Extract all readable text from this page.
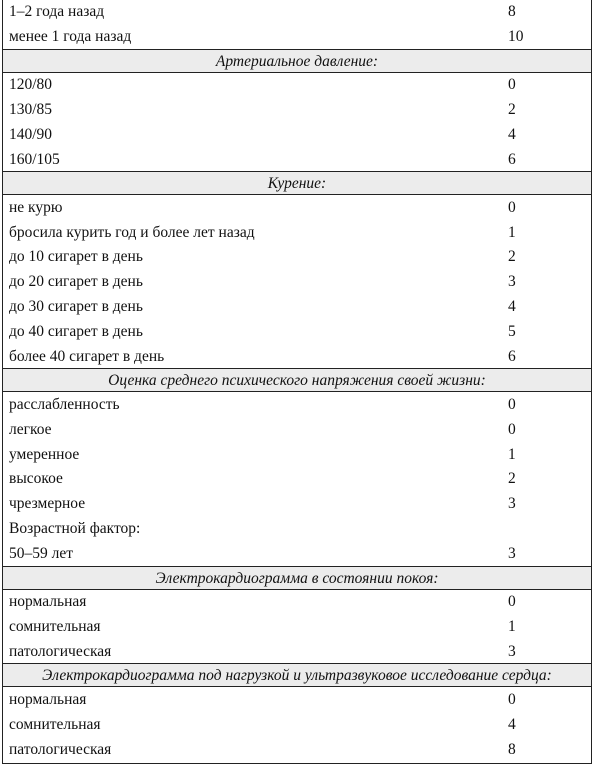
1–2 года назад	8
менее 1 года назад	10
Артериальное давление:
120/80	0
130/85	2
140/90	4
160/105	6
Курение:
не курю	0
бросила курить год и более лет назад	1
до 10 сигарет в день	2
до 20 сигарет в день	3
до 30 сигарет в день	4
до 40 сигарет в день	5
более 40 сигарет в день	6
Оценка среднего психического напряжения своей жизни:
расслабленность	0
легкое	0
умеренное	1
высокое	2
чрезмерное	3
Возрастной фактор:
50–59 лет	3
Электрокардиограмма в состоянии покоя:
нормальная	0
сомнительная	1
патологическая	3
Электрокардиограмма под нагрузкой и ультразвуковое исследование сердца:
нормальная	0
сомнительная	4
патологическая	8
